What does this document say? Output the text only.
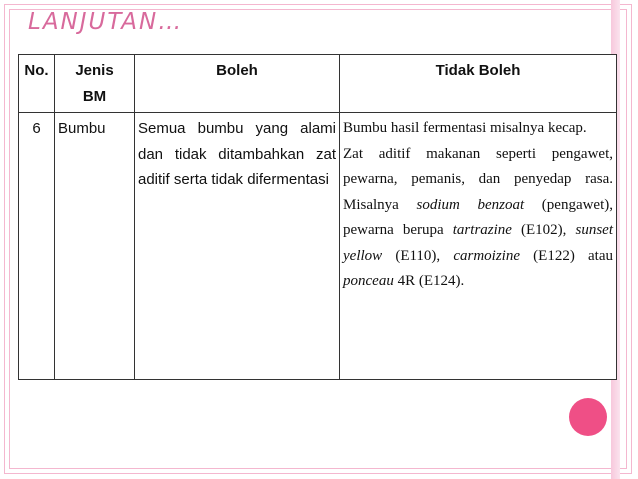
LANJUTAN…
No.	Jenis BM	Boleh	Tidak Boleh
6	Bumbu	Semua bumbu yang alami dan tidak ditambahkan zat aditif serta tidak difermentasi	Bumbu hasil fermentasi misalnya kecap.
Zat aditif makanan seperti pengawet, pewarna, pemanis, dan penyedap rasa. Misalnya sodium benzoat (pengawet), pewarna berupa tartrazine (E102), sunset yellow (E110), carmoizine (E122) atau ponceau 4R (E124).
